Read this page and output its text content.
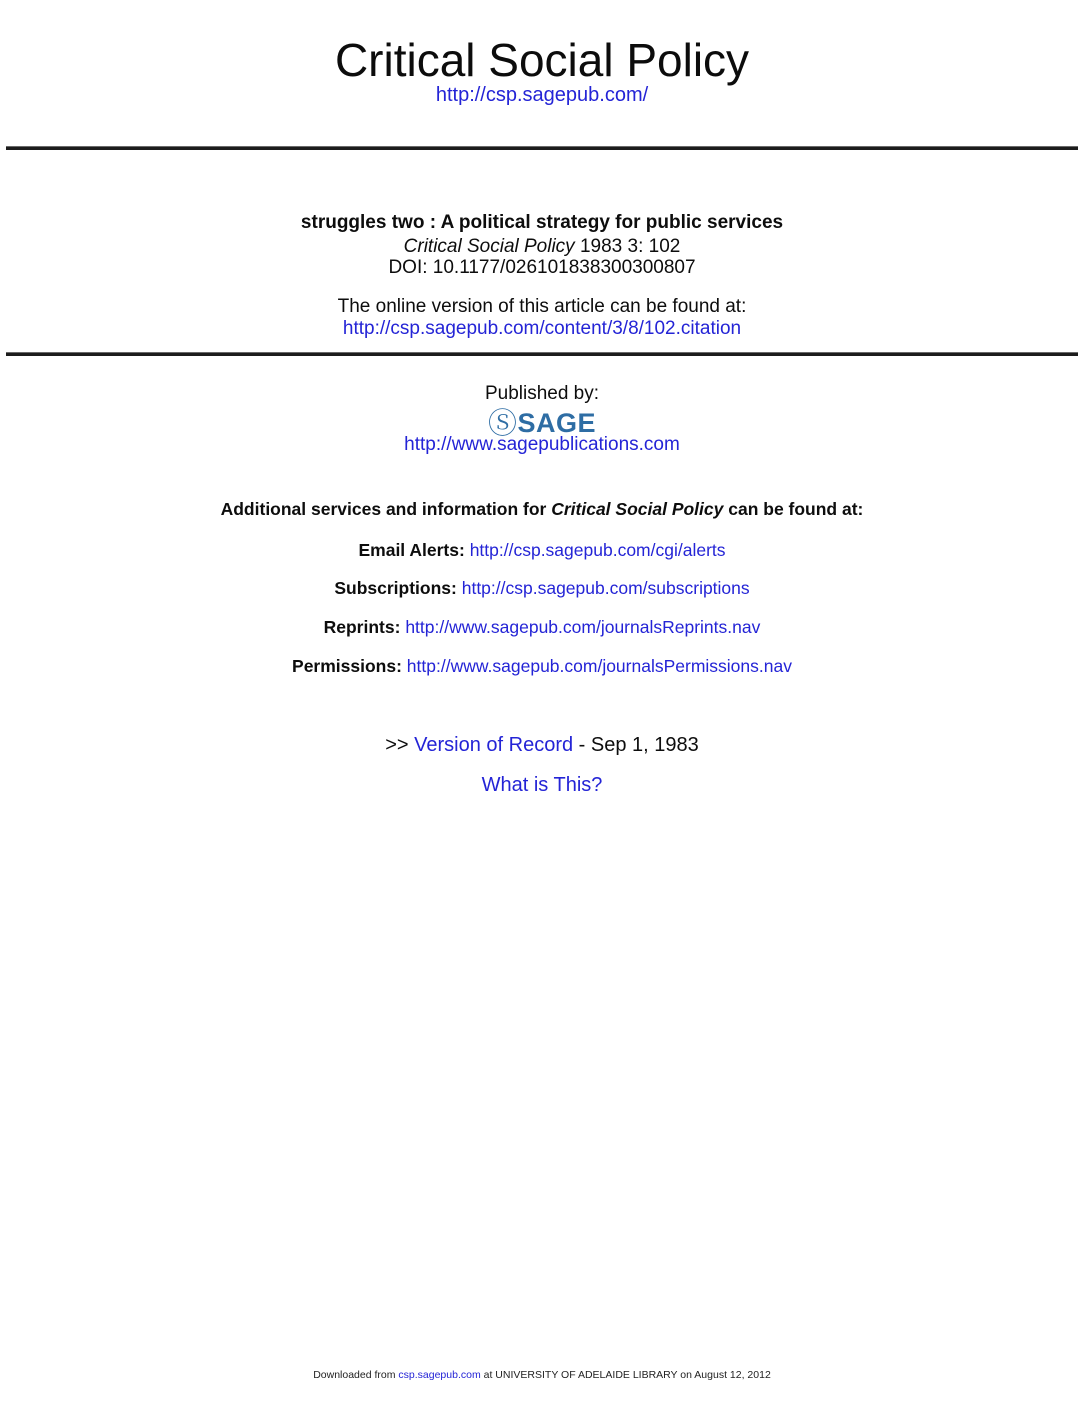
Critical Social Policy
http://csp.sagepub.com/
struggles two : A political strategy for public services
Critical Social Policy 1983 3: 102
DOI: 10.1177/026101838300300807
The online version of this article can be found at:
http://csp.sagepub.com/content/3/8/102.citation
Published by:
ⓈSAGE
http://www.sagepublications.com
Additional services and information for Critical Social Policy can be found at:
Email Alerts: http://csp.sagepub.com/cgi/alerts
Subscriptions: http://csp.sagepub.com/subscriptions
Reprints: http://www.sagepub.com/journalsReprints.nav
Permissions: http://www.sagepub.com/journalsPermissions.nav
>> Version of Record - Sep 1, 1983
What is This?
Downloaded from csp.sagepub.com at UNIVERSITY OF ADELAIDE LIBRARY on August 12, 2012
